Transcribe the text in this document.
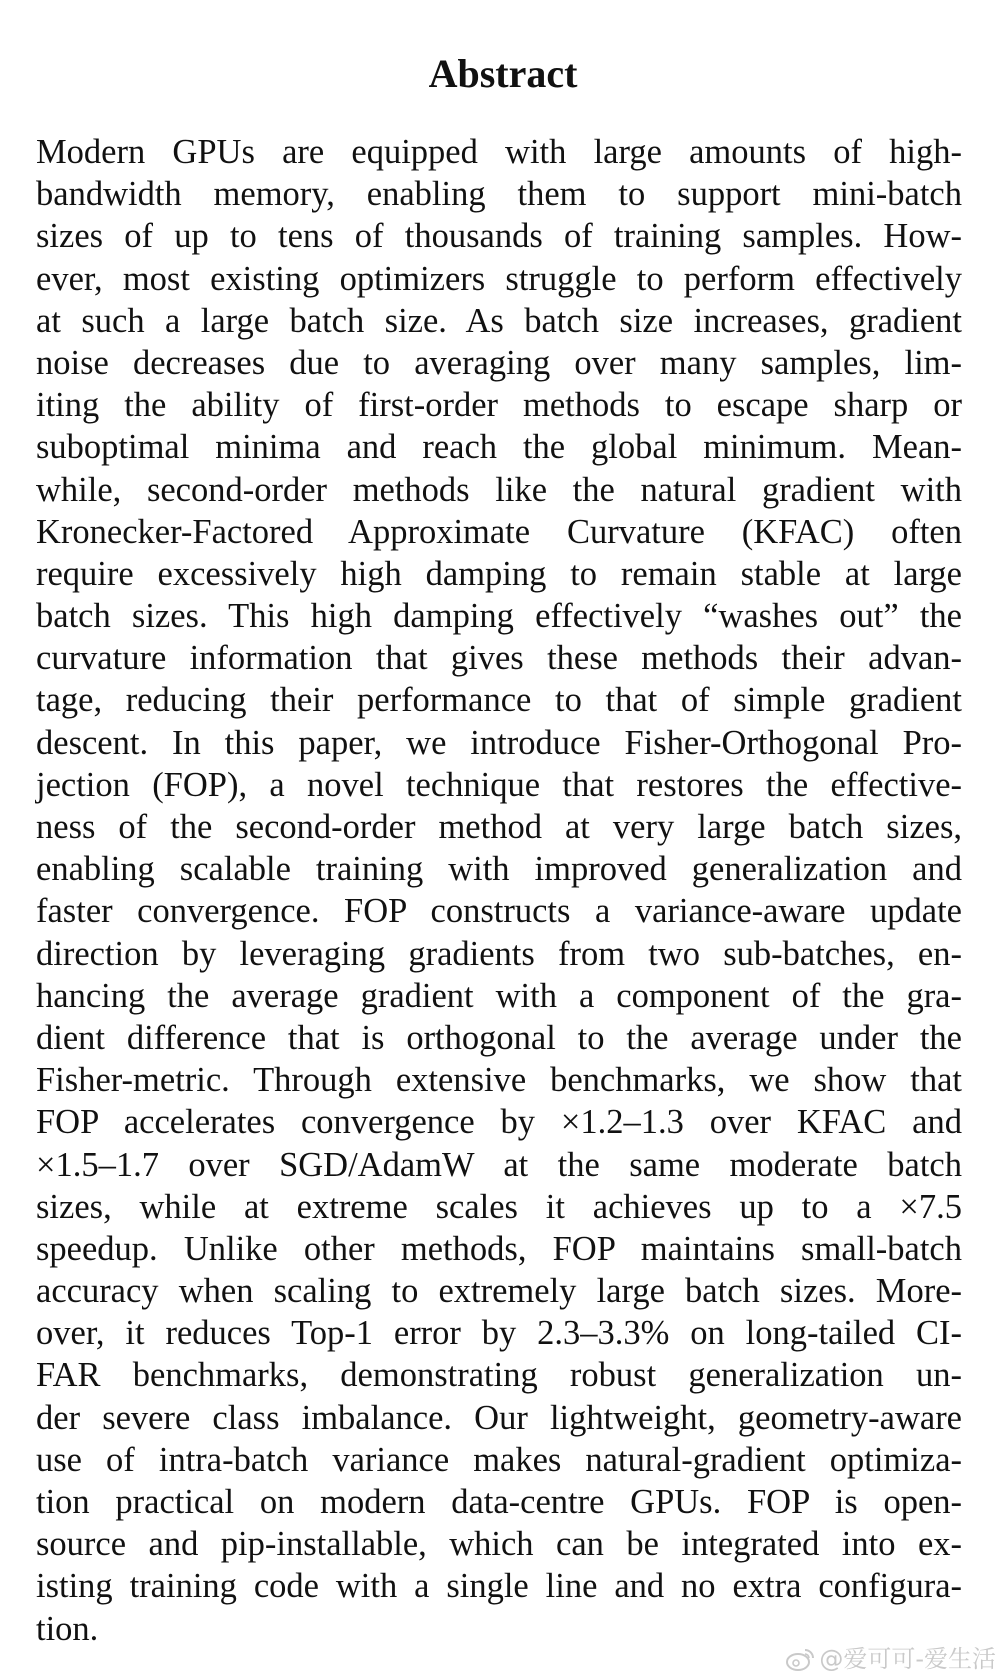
Abstract
Modern GPUs are equipped with large amounts of high-
bandwidth memory, enabling them to support mini-batch
sizes of up to tens of thousands of training samples. How-
ever, most existing optimizers struggle to perform effectively
at such a large batch size. As batch size increases, gradient
noise decreases due to averaging over many samples, lim-
iting the ability of first-order methods to escape sharp or
suboptimal minima and reach the global minimum. Mean-
while, second-order methods like the natural gradient with
Kronecker-Factored Approximate Curvature (KFAC) often
require excessively high damping to remain stable at large
batch sizes. This high damping effectively “washes out” the
curvature information that gives these methods their advan-
tage, reducing their performance to that of simple gradient
descent. In this paper, we introduce Fisher-Orthogonal Pro-
jection (FOP), a novel technique that restores the effective-
ness of the second-order method at very large batch sizes,
enabling scalable training with improved generalization and
faster convergence. FOP constructs a variance-aware update
direction by leveraging gradients from two sub-batches, en-
hancing the average gradient with a component of the gra-
dient difference that is orthogonal to the average under the
Fisher-metric. Through extensive benchmarks, we show that
FOP accelerates convergence by ×1.2–1.3 over KFAC and
×1.5–1.7 over SGD/AdamW at the same moderate batch
sizes, while at extreme scales it achieves up to a ×7.5
speedup. Unlike other methods, FOP maintains small-batch
accuracy when scaling to extremely large batch sizes. More-
over, it reduces Top-1 error by 2.3–3.3% on long-tailed CI-
FAR benchmarks, demonstrating robust generalization un-
der severe class imbalance. Our lightweight, geometry-aware
use of intra-batch variance makes natural-gradient optimiza-
tion practical on modern data-centre GPUs. FOP is open-
source and pip-installable, which can be integrated into ex-
isting training code with a single line and no extra configura-
tion.
@爱可可-爱生活
